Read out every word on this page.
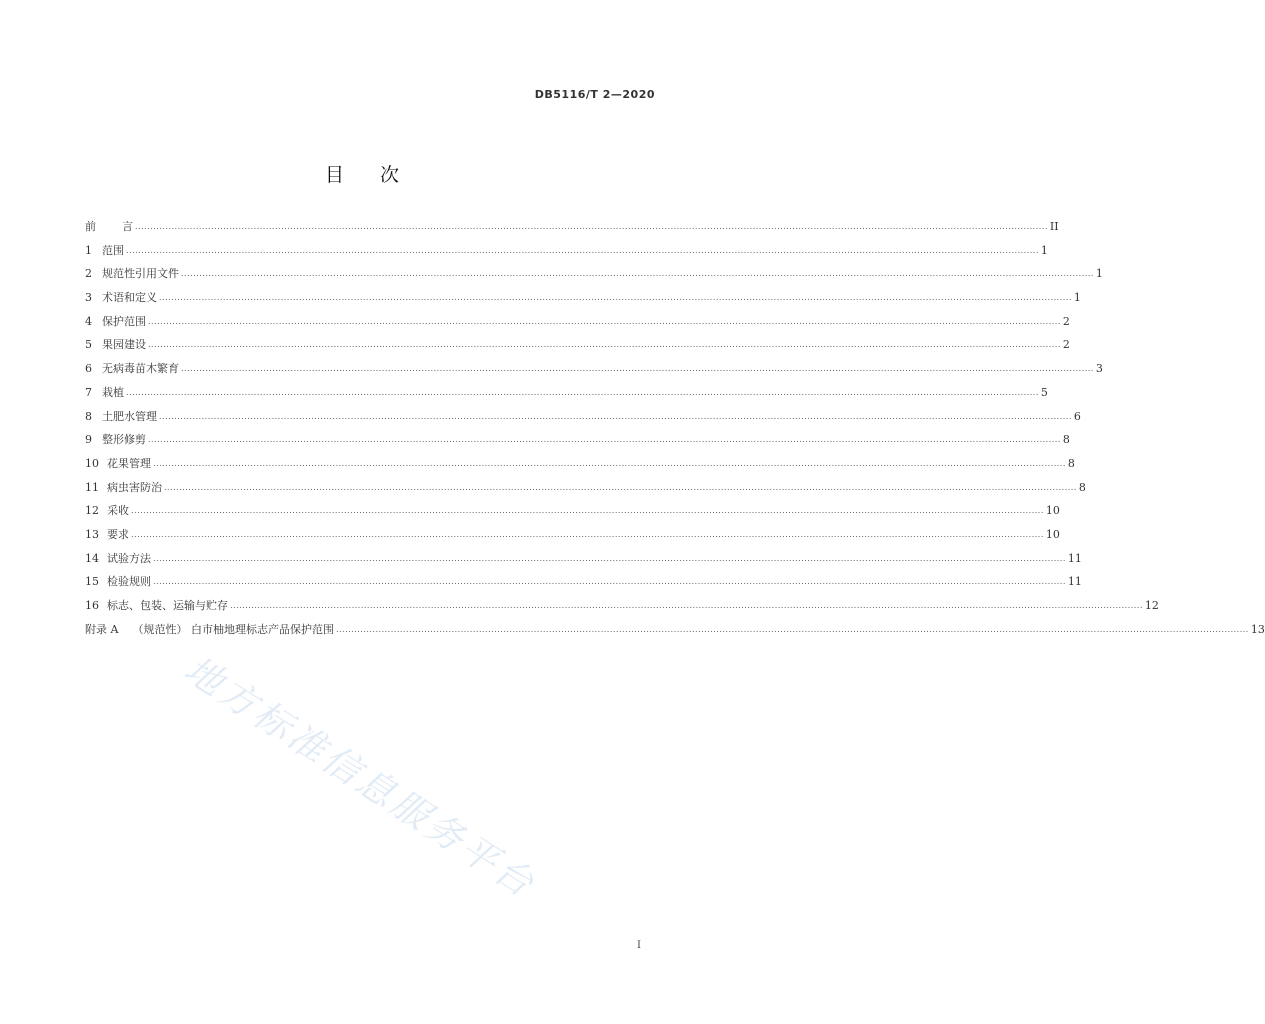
DB5116/T 2—2020
目 次
前 言 ............................................................................................................................................................................................................................................................................................................ II
1 范围 ............................................................................................................................................................................................................................................................................................................ 1
2 规范性引用文件 ............................................................................................................................................................................................................................................................................................................ 1
3 术语和定义 ............................................................................................................................................................................................................................................................................................................ 1
4 保护范围 ............................................................................................................................................................................................................................................................................................................ 2
5 果园建设 ............................................................................................................................................................................................................................................................................................................ 2
6 无病毒苗木繁育 ............................................................................................................................................................................................................................................................................................................ 3
7 栽植 ............................................................................................................................................................................................................................................................................................................ 5
8 土肥水管理 ............................................................................................................................................................................................................................................................................................................ 6
9 整形修剪 ............................................................................................................................................................................................................................................................................................................ 8
10 花果管理 ............................................................................................................................................................................................................................................................................................................ 8
11 病虫害防治 ............................................................................................................................................................................................................................................................................................................ 8
12 采收 ............................................................................................................................................................................................................................................................................................................ 10
13 要求 ............................................................................................................................................................................................................................................................................................................ 10
14 试验方法 ............................................................................................................................................................................................................................................................................................................ 11
15 检验规则 ............................................................................................................................................................................................................................................................................................................ 11
16 标志、包装、运输与贮存 ............................................................................................................................................................................................................................................................................................................ 12
附录 A （规范性） 白市柚地理标志产品保护范围 ............................................................................................................................................................................................................................................................................................................ 13
地方标准信息服务平台
I
